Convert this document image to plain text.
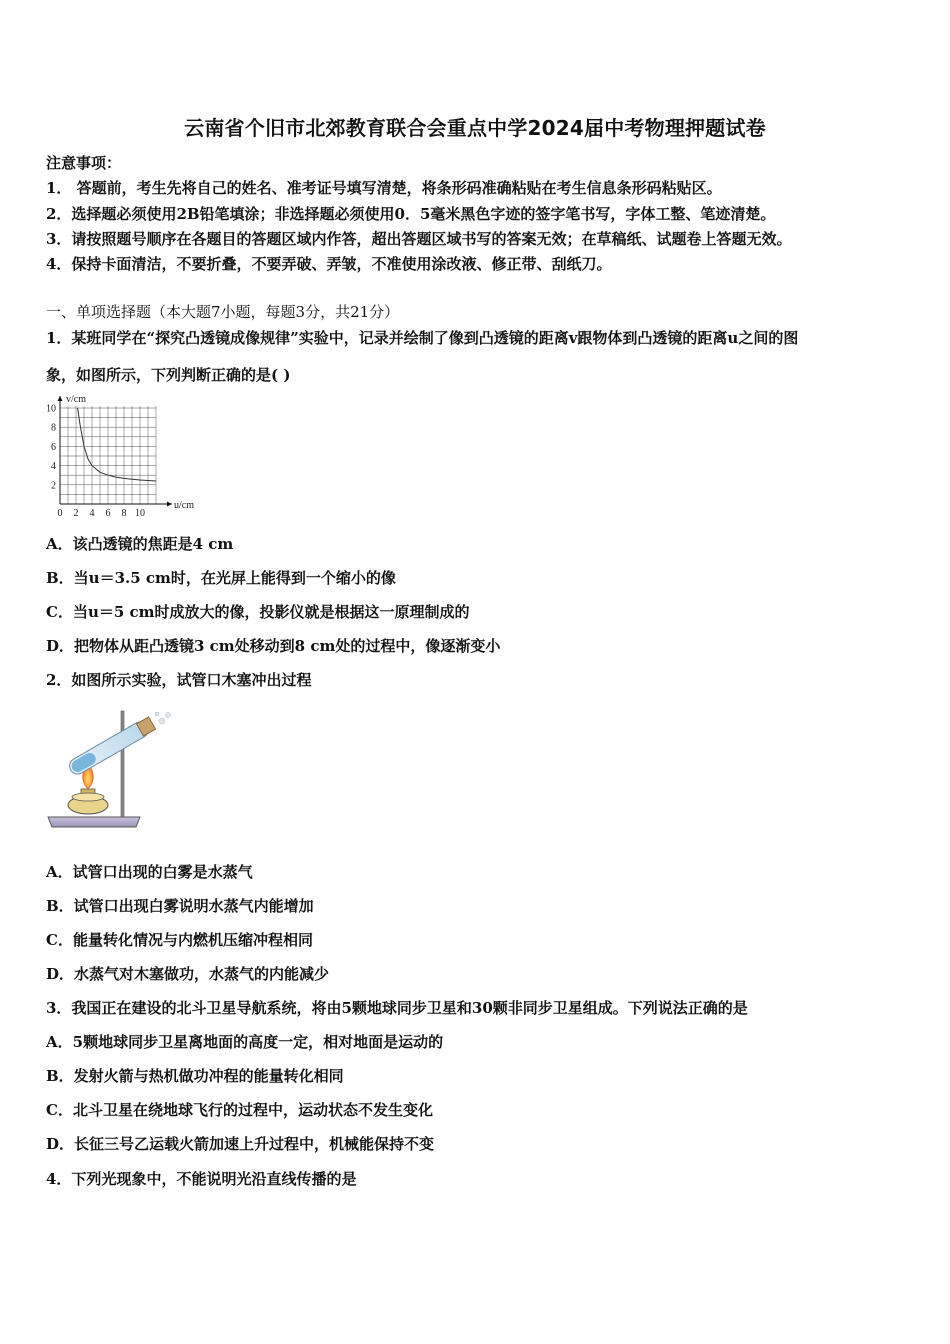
云南省个旧市北郊教育联合会重点中学2024届中考物理押题试卷
注意事项：
1． 答题前，考生先将自己的姓名、准考证号填写清楚，将条形码准确粘贴在考生信息条形码粘贴区。
2．选择题必须使用2B铅笔填涂；非选择题必须使用0．5毫米黑色字迹的签字笔书写，字体工整、笔迹清楚。
3．请按照题号顺序在各题目的答题区域内作答，超出答题区域书写的答案无效；在草稿纸、试题卷上答题无效。
4．保持卡面清洁，不要折叠，不要弄破、弄皱，不准使用涂改液、修正带、刮纸刀。
一、单项选择题（本大题7小题，每题3分，共21分）
1．某班同学在“探究凸透镜成像规律”实验中，记录并绘制了像到凸透镜的距离v跟物体到凸透镜的距离u之间的图
象，如图所示，下列判断正确的是( )
0 2 4 6 8 10
2
4
6
8
10
u/cm
v/cm
A．该凸透镜的焦距是4 cm
B．当u＝3.5 cm时，在光屏上能得到一个缩小的像
C．当u＝5 cm时成放大的像，投影仪就是根据这一原理制成的
D．把物体从距凸透镜3 cm处移动到8 cm处的过程中，像逐渐变小
2．如图所示实验，试管口木塞冲出过程
A．试管口出现的白雾是水蒸气
B．试管口出现白雾说明水蒸气内能增加
C．能量转化情况与内燃机压缩冲程相同
D．水蒸气对木塞做功，水蒸气的内能减少
3．我国正在建设的北斗卫星导航系统，将由5颗地球同步卫星和30颗非同步卫星组成。下列说法正确的是
A．5颗地球同步卫星离地面的高度一定，相对地面是运动的
B．发射火箭与热机做功冲程的能量转化相同
C．北斗卫星在绕地球飞行的过程中，运动状态不发生变化
D．长征三号乙运载火箭加速上升过程中，机械能保持不变
4．下列光现象中，不能说明光沿直线传播的是
